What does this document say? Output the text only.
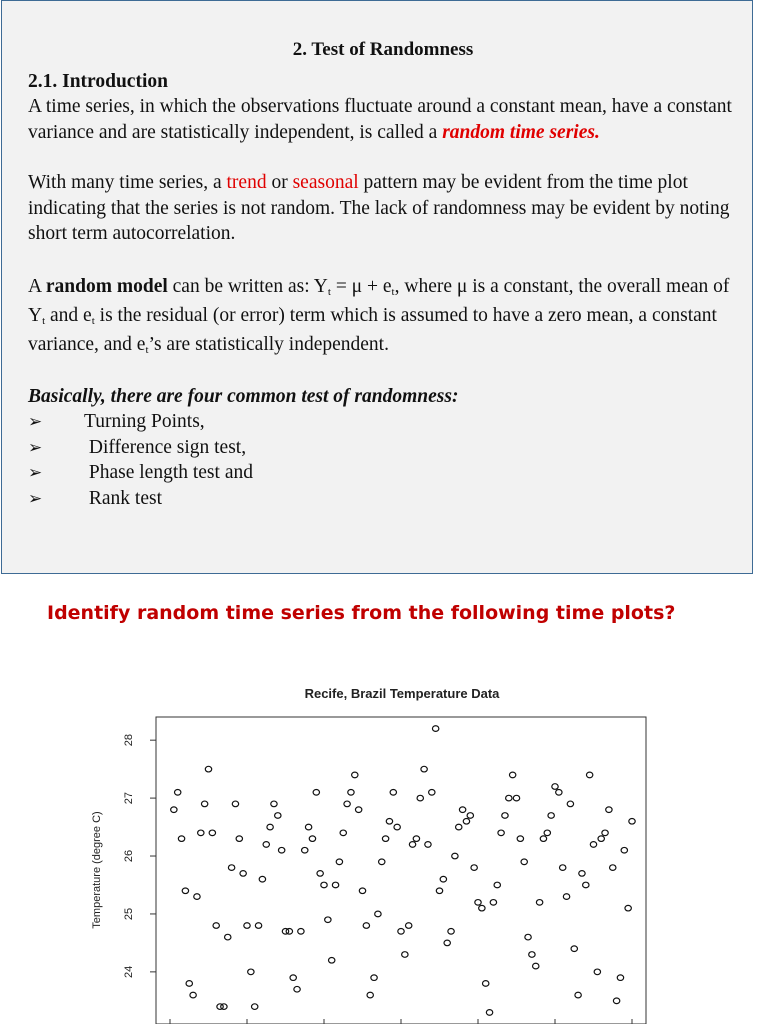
2. Test of Randomness
2.1. Introduction

A time series, in which the observations fluctuate around a constant mean, have a constant variance and are statistically independent, is called a random time series.

With many time series, a trend or seasonal pattern may be evident from the time plot indicating that the series is not random. The lack of randomness may be evident by noting short term autocorrelation.

A random model can be written as: $Y_t = \mu + e_t$, where μ is a constant, the overall mean of $Y_t$ and $e_t$ is the residual (or error) term which is assumed to have a zero mean, a constant variance, and $e_t’s$ are statistically independent.

Basically, there are four common test of randomness:
➢	Turning Points,
➢	Difference sign test,
➢	Phase length test and
➢	Rank test
Identify random time series from the following time plots?
Recife, Brazil Temperature Data
Temperature (degree C)
24
25
26
27
28
